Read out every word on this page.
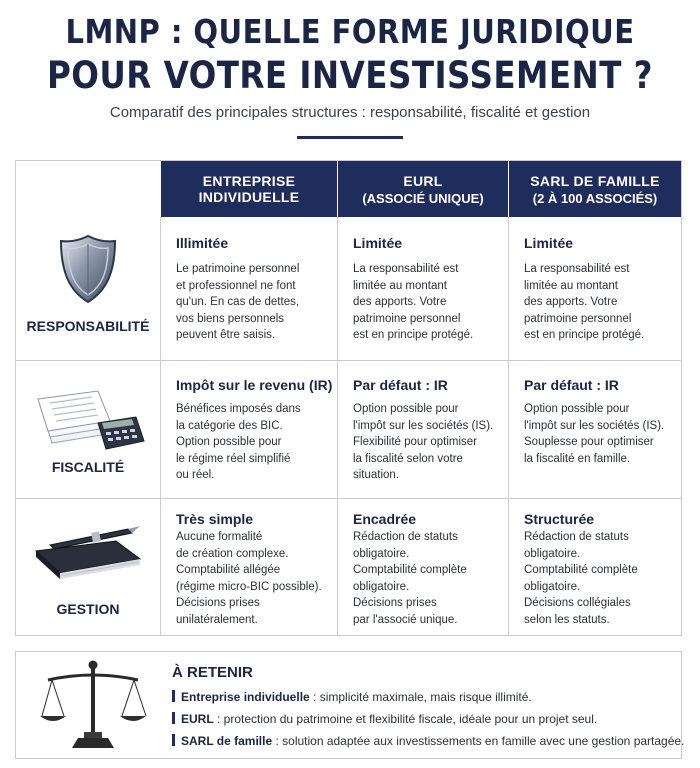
LMNP : QUELLE FORME JURIDIQUE
POUR VOTRE INVESTISSEMENT ?
Comparatif des principales structures : responsabilité, fiscalité et gestion
ENTREPRISE
INDIVIDUELLE
EURL
(ASSOCIÉ UNIQUE)
SARL DE FAMILLE
(2 À 100 ASSOCIÉS)
RESPONSABILITÉ
Illimitée
Le patrimoine personnel
et professionnel ne font
qu'un. En cas de dettes,
vos biens personnels
peuvent être saisis.
Limitée
La responsabilité est
limitée au montant
des apports. Votre
patrimoine personnel
est en principe protégé.
Limitée
La responsabilité est
limitée au montant
des apports. Votre
patrimoine personnel
est en principe protégé.
FISCALITÉ
Impôt sur le revenu (IR)
Bénéfices imposés dans
la catégorie des BIC.
Option possible pour
le régime réel simplifié
ou réel.
Par défaut : IR
Option possible pour
l'impôt sur les sociétés (IS).
Flexibilité pour optimiser
la fiscalité selon votre
situation.
Par défaut : IR
Option possible pour
l'impôt sur les sociétés (IS).
Souplesse pour optimiser
la fiscalité en famille.
GESTION
Très simple
Aucune formalité
de création complexe.
Comptabilité allégée
(régime micro-BIC possible).
Décisions prises
unilatéralement.
Encadrée
Rédaction de statuts
obligatoire.
Comptabilité complète
obligatoire.
Décisions prises
par l'associé unique.
Structurée
Rédaction de statuts
obligatoire.
Comptabilité complète
obligatoire.
Décisions collégiales
selon les statuts.
À RETENIR
Entreprise individuelle : simplicité maximale, mais risque illimité.
EURL : protection du patrimoine et flexibilité fiscale, idéale pour un projet seul.
SARL de famille : solution adaptée aux investissements en famille avec une gestion partagée.
